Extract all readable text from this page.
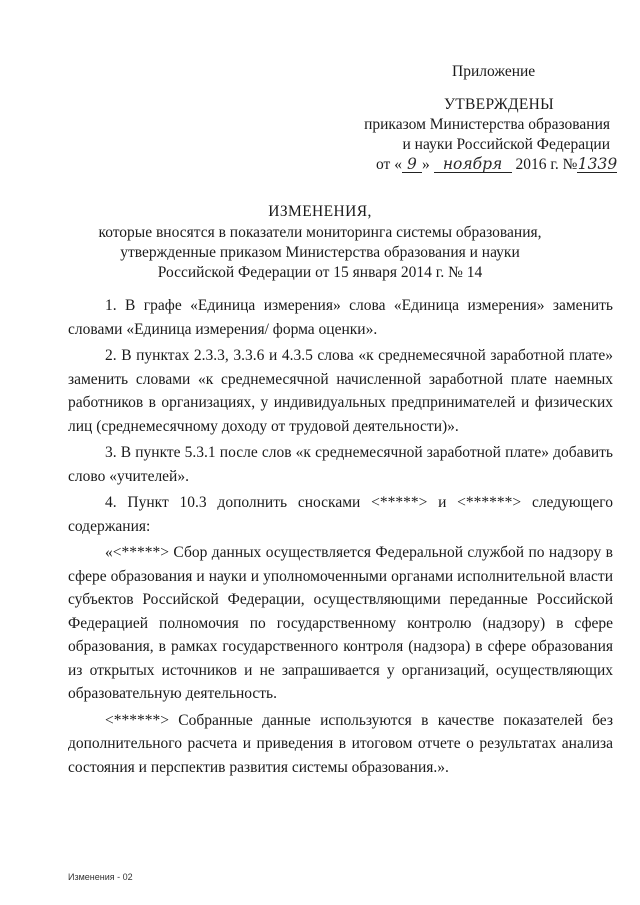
Приложение
УТВЕРЖДЕНЫ
приказом Министерства образования
и науки Российской Федерации
от « 9 » ноября 2016 г. №1339
ИЗМЕНЕНИЯ,
которые вносятся в показатели мониторинга системы образования,
утвержденные приказом Министерства образования и науки
Российской Федерации от 15 января 2014 г. № 14

1. В графе «Единица измерения» слова «Единица измерения» заменить словами «Единица измерения/ форма оценки».

2. В пунктах 2.3.3, 3.3.6 и 4.3.5 слова «к среднемесячной заработной плате» заменить словами «к среднемесячной начисленной заработной плате наемных работников в организациях, у индивидуальных предпринимателей и физических лиц (среднемесячному доходу от трудовой деятельности)».

3. В пункте 5.3.1 после слов «к среднемесячной заработной плате» добавить слово «учителей».

4. Пункт 10.3 дополнить сносками <*****> и <******> следующего содержания:

«<*****> Сбор данных осуществляется Федеральной службой по надзору в сфере образования и науки и уполномоченными органами исполнительной власти субъектов Российской Федерации, осуществляющими переданные Российской Федерацией полномочия по государственному контролю (надзору) в сфере образования, в рамках государственного контроля (надзора) в сфере образования из открытых источников и не запрашивается у организаций, осуществляющих образовательную деятельность.

<******> Собранные данные используются в качестве показателей без дополнительного расчета и приведения в итоговом отчете о результатах анализа состояния и перспектив развития системы образования.».

Изменения - 02
